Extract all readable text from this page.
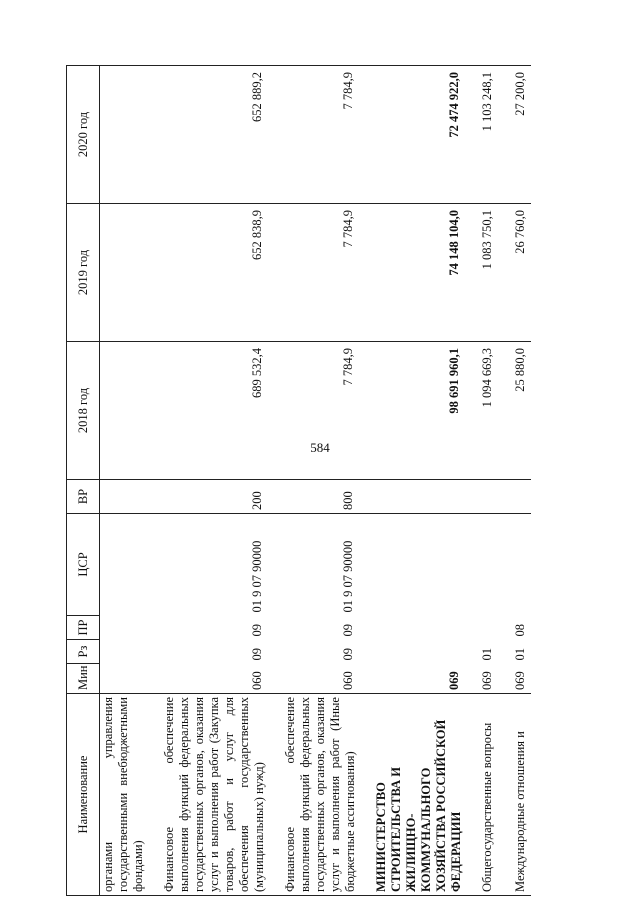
584
Наименование	Мин	Рз	ПР	ЦСР	ВР	2018 год	2019 год	2020 год
органами управления государственными внебюджетными фондами)								

Финансовое обеспечение выполнения функций федеральных государственных органов, оказания услуг и выполнения работ (Закупка товаров, работ и услуг для обеспечения государственных (муниципальных) нужд)	060	09	09	01 9 07 90000	200	689 532,4	652 838,9	652 889,2

Финансовое обеспечение выполнения функций федеральных государственных органов, оказания услуг и выполнения работ (Иные бюджетные ассигнования)	060	09	09	01 9 07 90000	800	7 784,9	7 784,9	7 784,9

МИНИСТЕРСТВО СТРОИТЕЛЬСТВА И ЖИЛИЩНО-КОММУНАЛЬНОГО ХОЗЯЙСТВА РОССИЙСКОЙ ФЕДЕРАЦИИ	069					98 691 960,1	74 148 104,0	72 474 922,0

Общегосударственные вопросы	069	01				1 094 669,3	1 083 750,1	1 103 248,1

Международные отношения и	069	01	08			25 880,0	26 760,0	27 200,0
